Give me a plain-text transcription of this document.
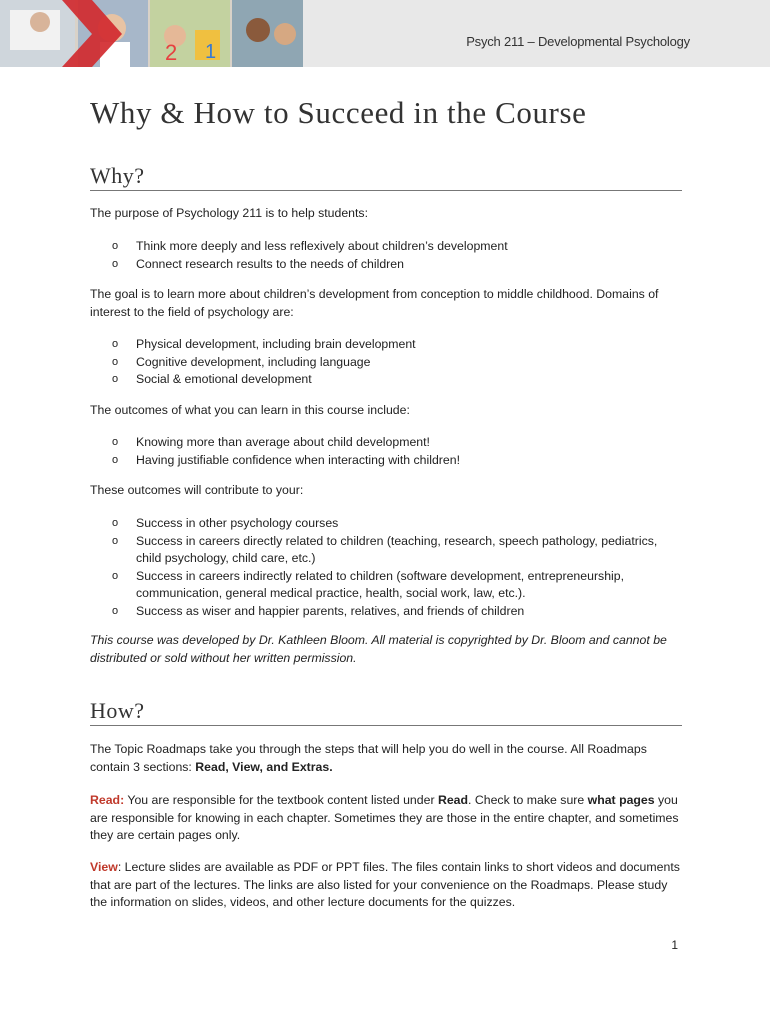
2 1	Psych 211 – Developmental Psychology
Why & How to Succeed in the Course
Why?

The purpose of Psychology 211 is to help students:

o Think more deeply and less reflexively about children’s development
o Connect research results to the needs of children

The goal is to learn more about children’s development from conception to middle childhood. Domains of interest to the field of psychology are:

o Physical development, including brain development
o Cognitive development, including language
o Social & emotional development

The outcomes of what you can learn in this course include:

o Knowing more than average about child development!
o Having justifiable confidence when interacting with children!

These outcomes will contribute to your:

o Success in other psychology courses
o Success in careers directly related to children (teaching, research, speech pathology, pediatrics, child psychology, child care, etc.)
o Success in careers indirectly related to children (software development, entrepreneurship, communication, general medical practice, health, social work, law, etc.).
o Success as wiser and happier parents, relatives, and friends of children

This course was developed by Dr. Kathleen Bloom. All material is copyrighted by Dr. Bloom and cannot be distributed or sold without her written permission.

How?

The Topic Roadmaps take you through the steps that will help you do well in the course. All Roadmaps contain 3 sections: Read, View, and Extras.

Read: You are responsible for the textbook content listed under Read. Check to make sure what pages you are responsible for knowing in each chapter. Sometimes they are those in the entire chapter, and sometimes they are certain pages only.

View: Lecture slides are available as PDF or PPT files. The files contain links to short videos and documents that are part of the lectures. The links are also listed for your convenience on the Roadmaps. Please study the information on slides, videos, and other lecture documents for the quizzes.

1
